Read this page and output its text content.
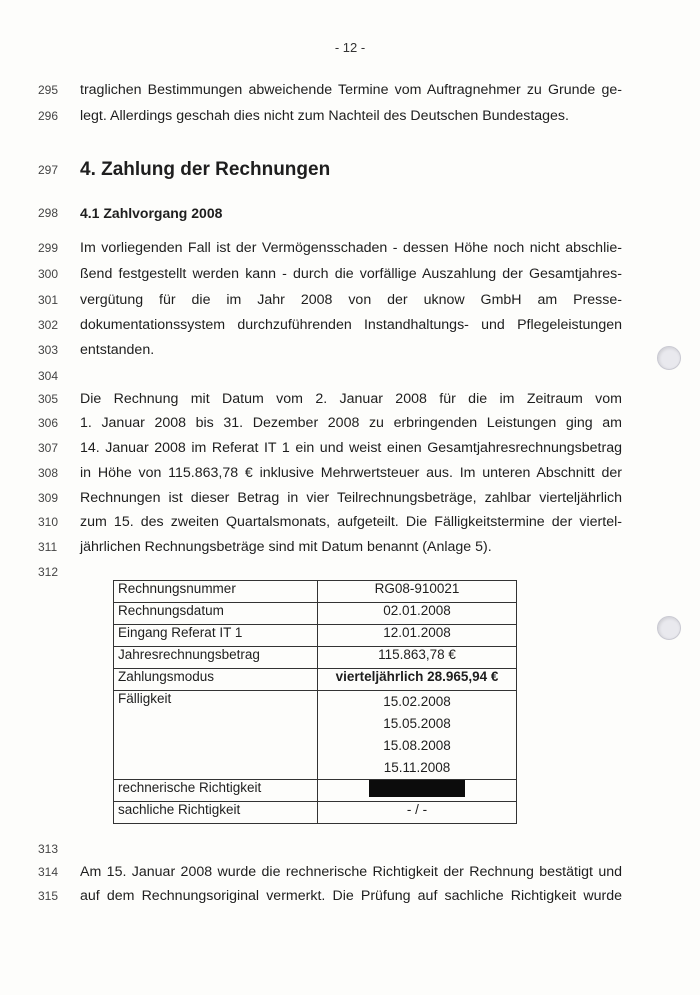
- 12 -
295	traglichen Bestimmungen abweichende Termine vom Auftragnehmer zu Grunde ge-
296	legt. Allerdings geschah dies nicht zum Nachteil des Deutschen Bundestages.
297	4. Zahlung der Rechnungen
298	4.1 Zahlvorgang 2008
299	Im vorliegenden Fall ist der Vermögensschaden - dessen Höhe noch nicht abschlie-
300	ßend festgestellt werden kann - durch die vorfällige Auszahlung der Gesamtjahres-
301	vergütung für die im Jahr 2008 von der uknow GmbH am Presse-
302	dokumentationssystem durchzuführenden Instandhaltungs- und Pflegeleistungen
303	entstanden.
304
305	Die Rechnung mit Datum vom 2. Januar 2008 für die im Zeitraum vom
306	1. Januar 2008 bis 31. Dezember 2008 zu erbringenden Leistungen ging am
307	14. Januar 2008 im Referat IT 1 ein und weist einen Gesamtjahresrechnungsbetrag
308	in Höhe von 115.863,78 € inklusive Mehrwertsteuer aus. Im unteren Abschnitt der
309	Rechnungen ist dieser Betrag in vier Teilrechnungsbeträge, zahlbar vierteljährlich
310	zum 15. des zweiten Quartalsmonats, aufgeteilt. Die Fälligkeitstermine der viertel-
311	jährlichen Rechnungsbeträge sind mit Datum benannt (Anlage 5).
312
313
314	Am 15. Januar 2008 wurde die rechnerische Richtigkeit der Rechnung bestätigt und
315	auf dem Rechnungsoriginal vermerkt. Die Prüfung auf sachliche Richtigkeit wurde
Rechnungsnummer	RG08-910021
Rechnungsdatum	02.01.2008
Eingang Referat IT 1	12.01.2008
Jahresrechnungsbetrag	115.863,78 €
Zahlungsmodus	vierteljährlich 28.965,94 €
Fälligkeit	15.02.2008
15.05.2008
15.08.2008
15.11.2008

rechnerische Richtigkeit	
sachliche Richtigkeit	- / -
